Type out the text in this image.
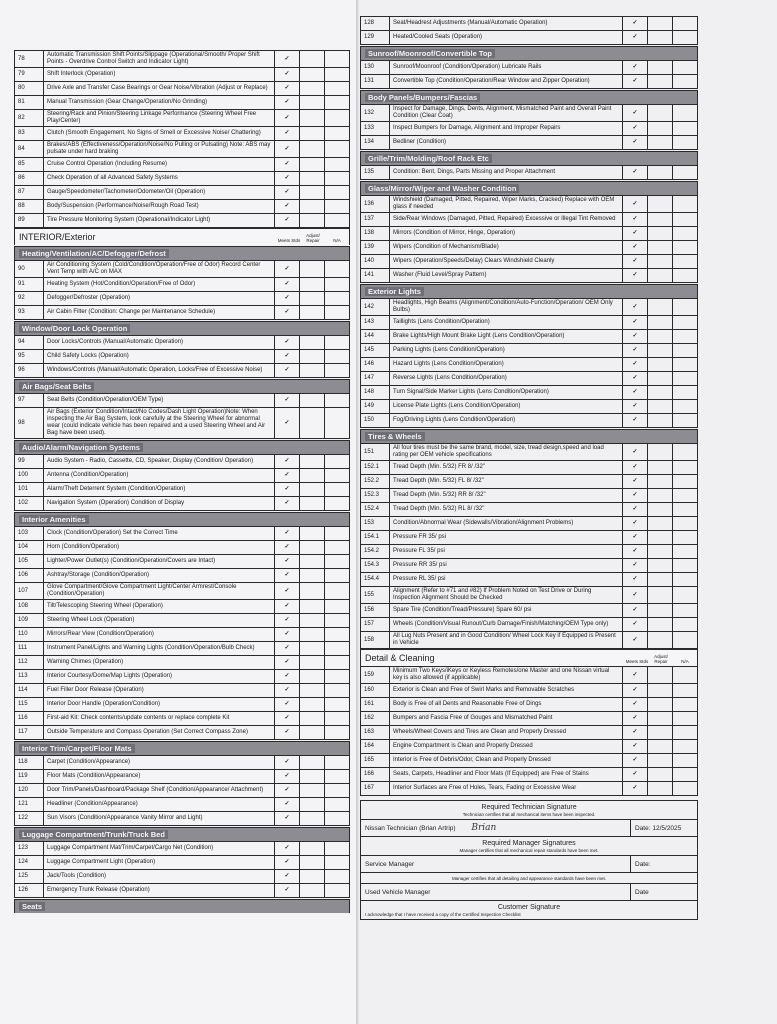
78	Automatic Transmission Shift Points/Slippage (Operational/Smooth/ Proper Shift Points - Overdrive Control Switch and Indicator Light)	✓		
79	Shift Interlock (Operation)	✓		
80	Drive Axle and Transfer Case Bearings or Gear Noise/Vibration (Adjust or Replace)	✓		
81	Manual Transmission (Gear Change/Operation/No Grinding)	✓		
82	Steering/Rack and Pinion/Steering Linkage Performance (Steering Wheel Free Play/Center)	✓		
83	Clutch (Smooth Engagement, No Signs of Smell or Excessive Noise/ Chattering)	✓		
84	Brakes/ABS (Effectiveness/Operation/Noise/No Pulling or Pulsating) Note: ABS may pulsate under hard braking	✓		
85	Cruise Control Operation (Including Resume)	✓		
86	Check Operation of all Advanced Safety Systems	✓		
87	Gauge/Speedometer/Tachometer/Odometer/Oil (Operation)	✓		
88	Body/Suspension (Performance/Noise/Rough Road Test)	✓		
89	Tire Pressure Monitoring System (Operational/Indicator Light)	✓		
INTERIOR/Exterior	Meets Stds
Adjust/ Repair	N/A
Heating/Ventilation/AC/Defogger/Defrost
90	Air Conditioning System (Cold/Condition/Operation/Free of Odor) Record Center Vent Temp with A/C on MAX	✓		
91	Heating System (Hot/Condition/Operation/Free of Odor)	✓		
92	Defogger/Defroster (Operation)	✓		
93	Air Cabin Filter (Condition: Change per Maintenance Schedule)	✓		
Window/Door Lock Operation
94	Door Locks/Controls (Manual/Automatic Operation)	✓		
95	Child Safety Locks (Operation)	✓		
96	Windows/Controls (Manual/Automatic Operation, Locks/Free of Excessive Noise)	✓		
Air Bags/Seat Belts
97	Seat Belts (Condition/Operation/OEM Type)	✓		
98	Air Bags (Exterior Condition/Intact/No Codes/Dash Light Operation)Note: When inspecting the Air Bag System, look carefully at the Steering Wheel for abnormal wear (could indicate vehicle has been repaired and a used Steering Wheel and Air Bag have been used).	✓		
Audio/Alarm/Navigation Systems
99	Audio System - Radio, Cassette, CD, Speaker, Display (Condition/ Operation)	✓		
100	Antenna (Condition/Operation)	✓		
101	Alarm/Theft Deterrent System (Condition/Operation)	✓		
102	Navigation System (Operation) Condition of Display	✓		
Interior Amenities
103	Clock (Condition/Operation) Set the Correct Time	✓		
104	Horn (Condition/Operation)	✓		
105	Lighter/Power Outlet(s) (Condition/Operation/Covers are Intact)	✓		
106	Ashtray/Storage (Condition/Operation)	✓		
107	Glove Compartment/Glove Compartment Light/Center Armrest/Console (Condition/Operation)	✓		
108	Tilt/Telescoping Steering Wheel (Operation)	✓		
109	Steering Wheel Lock (Operation)	✓		
110	Mirrors/Rear View (Condition/Operation)	✓		
111	Instrument Panel/Lights and Warning Lights (Condition/Operation/Bulb Check)	✓		
112	Warning Chimes (Operation)	✓		
113	Interior Courtesy/Dome/Map Lights (Operation)	✓		
114	Fuel Filler Door Release (Operation)	✓		
115	Interior Door Handle (Operation/Condition)	✓		
116	First-aid Kit: Check contents/update contents or replace complete Kit	✓		
117	Outside Temperature and Compass Operation (Set Correct Compass Zone)	✓		
Interior Trim/Carpet/Floor Mats
118	Carpet (Condition/Appearance)	✓		
119	Floor Mats (Condition/Appearance)	✓		
120	Door Trim/Panels/Dashboard/Package Shelf (Condition/Appearance/ Attachment)	✓		
121	Headliner (Condition/Appearance)	✓		
122	Sun Visors (Condition/Appearance Vanity Mirror and Light)	✓		
Luggage Compartment/Trunk/Truck Bed
123	Luggage Compartment Mat/Trim/Carpet/Cargo Net (Condition)	✓		
124	Luggage Compartment Light (Operation)	✓		
125	Jack/Tools (Condition)	✓		
126	Emergency Trunk Release (Operation)	✓		
Seats
128	Seat/Headrest Adjustments (Manual/Automatic Operation)	✓		
129	Heated/Cooled Seats (Operation)	✓		
Sunroof/Moonroof/Convertible Top
130	Sunroof/Moonroof (Condition/Operation) Lubricate Rails	✓		
131	Convertible Top (Condition/Operation/Rear Window and Zipper Operation)	✓		
Body Panels/Bumpers/Fascias
132	Inspect for Damage, Dings, Dents, Alignment, Mismatched Paint and Overall Paint Condition (Clear Coat)	✓		
133	Inspect Bumpers for Damage, Alignment and Improper Repairs	✓		
134	Bedliner (Condition)	✓		
Grille/Trim/Molding/Roof Rack Etc
135	Condition: Bent, Dings, Parts Missing and Proper Attachment	✓		
Glass/Mirror/Wiper and Washer Condition
136	Windshield (Damaged, Pitted, Repaired, Wiper Marks, Cracked) Replace with OEM glass if needed	✓		
137	Side/Rear Windows (Damaged, Pitted, Repaired) Excessive or Illegal Tint Removed	✓		
138	Mirrors (Condition of Mirror, Hinge, Operation)	✓		
139	Wipers (Condition of Mechanism/Blade)	✓		
140	Wipers (Operation/Speeds/Delay) Clears Windshield Cleanly	✓		
141	Washer (Fluid Level/Spray Pattern)	✓		
Exterior Lights
142	Headlights, High Beams (Alignment/Condition/Auto-Function/Operation/ OEM Only Bulbs)	✓		
143	Taillights (Lens Condition/Operation)	✓		
144	Brake Lights/High Mount Brake Light (Lens Condition/Operation)	✓		
145	Parking Lights (Lens Condition/Operation)	✓		
146	Hazard Lights (Lens Condition/Operation)	✓		
147	Reverse Lights (Lens Condition/Operation)	✓		
148	Turn Signal/Side Marker Lights (Lens Condition/Operation)	✓		
149	License Plate Lights (Lens Condition/Operation)	✓		
150	Fog/Driving Lights (Lens Condition/Operation)	✓		
Tires & Wheels
151	All four tires must be the same brand, model, size, tread design,speed and load rating per OEM vehicle specifications	✓		
152.1	Tread Depth (Min. 5/32) FR 8/ /32"	✓		
152.2	Tread Depth (Min. 5/32) FL 8/ /32"	✓		
152.3	Tread Depth (Min. 5/32) RR 8/ /32"	✓		
152.4	Tread Depth (Min. 5/32) RL 8/ /32"	✓		
153	Condition/Abnormal Wear (Sidewalls/Vibration/Alignment Problems)	✓		
154.1	Pressure FR 35/ psi	✓		
154.2	Pressure FL 35/ psi	✓		
154.3	Pressure RR 35/ psi	✓		
154.4	Pressure RL 35/ psi	✓		
155	Alignment (Refer to #71 and #82) If Problem Noted on Test Drive or During Inspection Alignment Should be Checked	✓		
156	Spare Tire (Condition/Tread/Pressure) Spare 60/ psi	✓		
157	Wheels (Condition/Visual Runout/Curb Damage/Finish/Matching/OEM Type only)	✓		
158	All Lug Nuts Present and in Good Condition/ Wheel Lock Key if Equipped is Present in Vehicle	✓		
Detail & Cleaning	Meets Stds
Adjust/ Repair	N/A
159	Minimum Two Keys/iKeys or Keyless Remotes/one Master and one Nissan virtual key is also allowed (if applicable)	✓		
160	Exterior is Clean and Free of Swirl Marks and Removable Scratches	✓		
161	Body is Free of all Dents and Reasonable Free of Dings	✓		
162	Bumpers and Fascia Free of Gouges and Mismatched Paint	✓		
163	Wheels/Wheel Covers and Tires are Clean and Properly Dressed	✓		
164	Engine Compartment is Clean and Properly Dressed	✓		
165	Interior is Free of Debris/Odor, Clean and Properly Dressed	✓		
166	Seats, Carpets, Headliner and Floor Mats (If Equipped) are Free of Stains	✓		
167	Interior Surfaces are Free of Holes, Tears, Fading or Excessive Wear	✓		
Required Technician Signature
Technician certifies that all mechanical items have been inspected.
Nissan Technician (Brian Artrip) Brian	Date:
12/5/2025
Required Manager Signatures
Manager certifies that all mechanical repair standards have been met.
Service Manager	Date:
Manager certifies that all detailing and appearance standards have been met.
Used Vehicle Manager	Date
Customer Signature
I acknowledge that I have received a copy of the Certified Inspection Checklist
